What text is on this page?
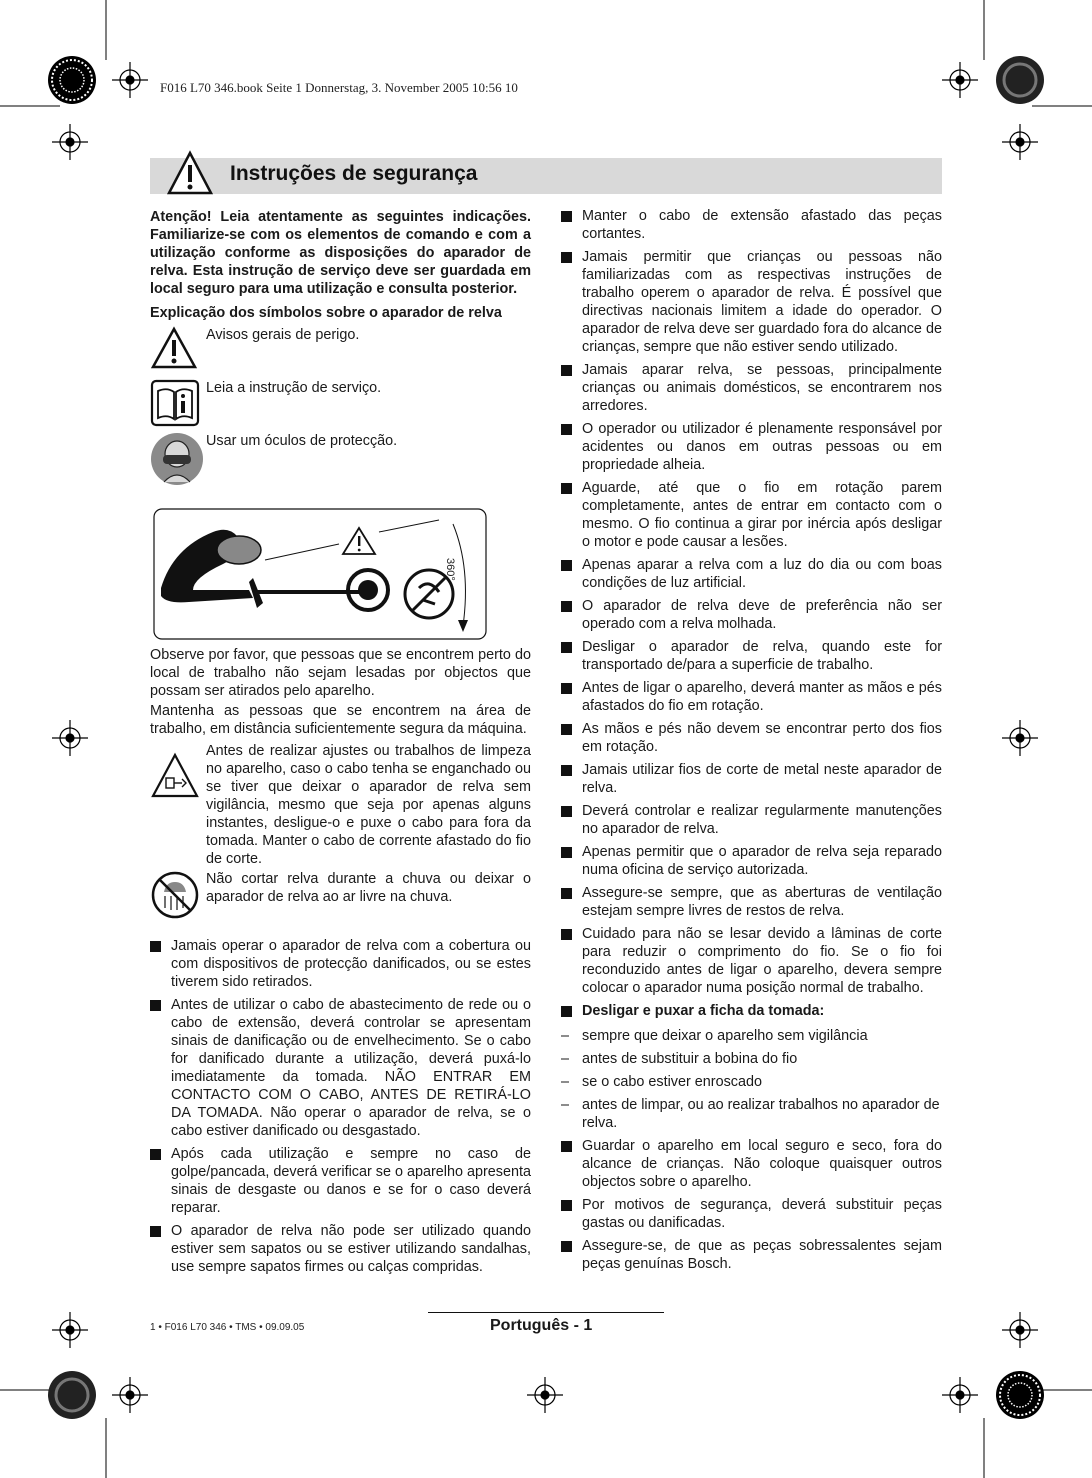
F016 L70 346.book Seite 1 Donnerstag, 3. November 2005 10:56 10
Instruções de segurança

Atenção! Leia atentamente as seguintes indicações. Familiarize-se com os elementos de comando e com a utilização conforme as disposições do aparador de relva. Esta instrução de serviço deve ser guardada em local seguro para uma utilização e consulta posterior.

Explicação dos símbolos sobre o aparador de relva

Avisos gerais de perigo.
Leia a instrução de serviço.
Usar um óculos de protecção.
360°

Observe por favor, que pessoas que se encontrem perto do local de trabalho não sejam lesadas por objectos que possam ser atirados pelo aparelho.

Mantenha as pessoas que se encontrem na área de trabalho, em distância suficientemente segura da máquina.

Antes de realizar ajustes ou trabalhos de limpeza no aparelho, caso o cabo tenha se enganchado ou se tiver que deixar o aparador de relva sem vigilância, mesmo que seja por apenas alguns instantes, desligue-o e puxe o cabo para fora da tomada. Manter o cabo de corrente afastado do fio de corte.
Não cortar relva durante a chuva ou deixar o aparador de relva ao ar livre na chuva.
Jamais operar o aparador de relva com a cobertura ou com dispositivos de protecção danificados, ou se estes tiverem sido retirados.
Antes de utilizar o cabo de abastecimento de rede ou o cabo de extensão, deverá controlar se apresentam sinais de danificação ou de envelhecimento. Se o cabo for danificado durante a utilização, deverá puxá-lo imediatamente da tomada. NÃO ENTRAR EM CONTACTO COM O CABO, ANTES DE RETIRÁ-LO DA TOMADA. Não operar o aparador de relva, se o cabo estiver danificado ou desgastado.
Após cada utilização e sempre no caso de golpe/pancada, deverá verificar se o aparelho apresenta sinais de desgaste ou danos e se for o caso deverá reparar.
O aparador de relva não pode ser utilizado quando estiver sem sapatos ou se estiver utilizando sandalhas, use sempre sapatos firmes ou calças compridas.
Manter o cabo de extensão afastado das peças cortantes.
Jamais permitir que crianças ou pessoas não familiarizadas com as respectivas instruções de trabalho operem o aparador de relva. É possível que directivas nacionais limitem a idade do operador. O aparador de relva deve ser guardado fora do alcance de crianças, sempre que não estiver sendo utilizado.
Jamais aparar relva, se pessoas, principalmente crianças ou animais domésticos, se encontrarem nos arredores.
O operador ou utilizador é plenamente responsável por acidentes ou danos em outras pessoas ou em propriedade alheia.
Aguarde, até que o fio em rotação parem completamente, antes de entrar em contacto com o mesmo. O fio continua a girar por inércia após desligar o motor e pode causar a lesões.
Apenas aparar a relva com a luz do dia ou com boas condições de luz artificial.
O aparador de relva deve de preferência não ser operado com a relva molhada.
Desligar o aparador de relva, quando este for transportado de/para a superficie de trabalho.
Antes de ligar o aparelho, deverá manter as mãos e pés afastados do fio em rotação.
As mãos e pés não devem se encontrar perto dos fios em rotação.
Jamais utilizar fios de corte de metal neste aparador de relva.
Deverá controlar e realizar regularmente manutenções no aparador de relva.
Apenas permitir que o aparador de relva seja reparado numa oficina de serviço autorizada.
Assegure-se sempre, que as aberturas de ventilação estejam sempre livres de restos de relva.
Cuidado para não se lesar devido a lâminas de corte para reduzir o comprimento do fio. Se o fio foi reconduzido antes de ligar o aparelho, devera sempre colocar o aparador numa posição normal de trabalho.
Desligar e puxar a ficha da tomada:
– sempre que deixar o aparelho sem vigilância
– antes de substituir a bobina do fio
– se o cabo estiver enroscado
– antes de limpar, ou ao realizar trabalhos no aparador de relva.
Guardar o aparelho em local seguro e seco, fora do alcance de crianças. Não coloque quaisquer outros objectos sobre o aparelho.
Por motivos de segurança, deverá substituir peças gastas ou danificadas.
Assegure-se, de que as peças sobressalentes sejam peças genuínas Bosch.
1 • F016 L70 346 • TMS • 09.09.05	Português - 1
